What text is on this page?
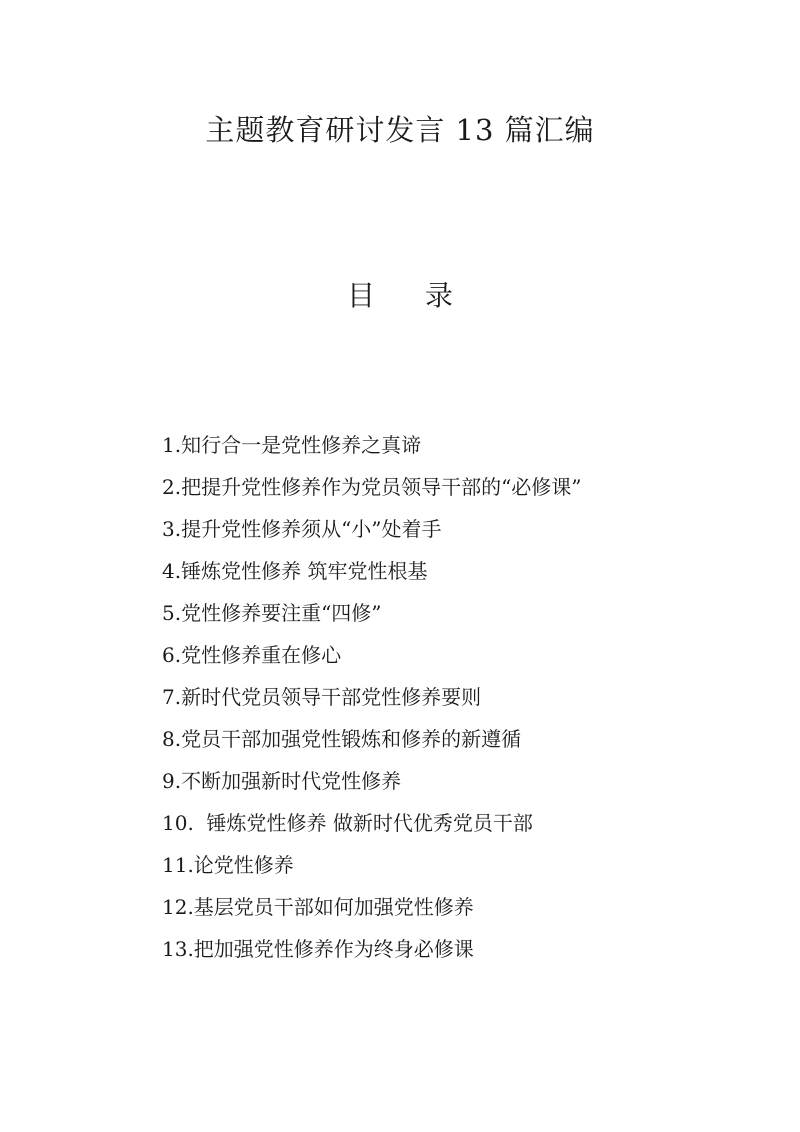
主题教育研讨发言 13 篇汇编
目 录
1.知行合一是党性修养之真谛
2.把提升党性修养作为党员领导干部的“必修课”
3.提升党性修养须从“小”处着手
4.锤炼党性修养 筑牢党性根基
5.党性修养要注重“四修”
6.党性修养重在修心
7.新时代党员领导干部党性修养要则
8.党员干部加强党性锻炼和修养的新遵循
9.不断加强新时代党性修养
10.  锤炼党性修养 做新时代优秀党员干部
11.论党性修养
12.基层党员干部如何加强党性修养
13.把加强党性修养作为终身必修课
